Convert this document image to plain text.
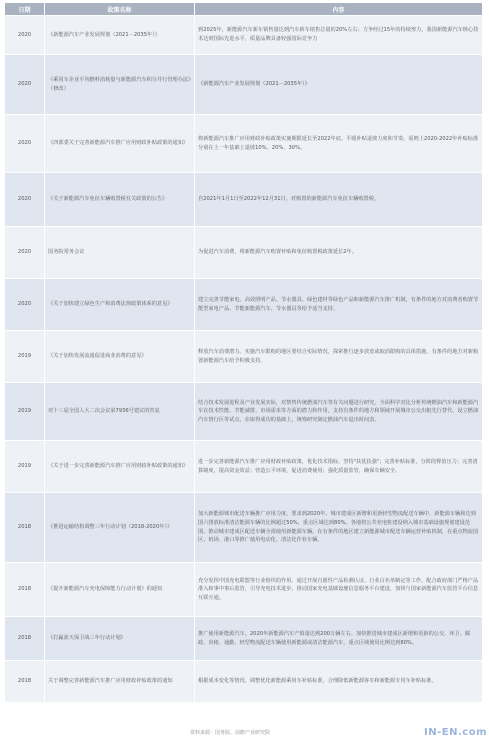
日期	政策名称	内容
2020	《新能源汽车产业发展规划（2021－2035年）》	到2025年，新能源汽车新车销售量达到汽车新车销售总量的20%左右；力争经过15年的持续努力，我国新能源汽车核心技术达到国际先进水平，质量品牌具备较强国际竞争力
2020	《乘用车企业平均燃料消耗量与新能源汽车积分并行管理办法》（修改）	《新能源汽车产业发展规划（2021－2035年）》
2020	《四部委关于完善新能源汽车推广应用财政补贴政策的通知》	将新能源汽车推广应用财政补贴政策实施期限延长至2022年底。平缓补贴退坡力度和节奏，原则上2020-2022年补贴标准分别在上一年基础上退坡10%、20%、30%。
2020	《关于新能源汽车免征车辆购置税有关政策的公告》	自2021年1月1日至2022年12月31日，对购置的新能源汽车免征车辆购置税。
2020	国务院常务会议	为促进汽车消费，将新能源汽车购置补贴和免征购置税政策延长2年。
2020	《关于加快建立绿色生产和消费法规政策体系的意见》	建立完善节能家电、高效照明产品、节水器具、绿色建材等绿色产品和新能源汽车推广机制，有条件的地方对消费者购置节能型家电产品、节能新能源汽车、节水器具等给予适当支持。
2019	《关于加快发展流通促进商业消费的意见》	释放汽车消费潜力。实施汽车限购的地区要结合实际情况，探索推行逐步放宽或取消限购的具体措施。有条件的地方对新购置新能源汽车给予积极支持。
2019	对十三届全国人大二次会议第7936号建议的答复	结合技术发展进程及产业发展实际，对禁售传统燃油汽车等有关问题进行研究，全面科学对比分析传统燃油汽车和新能源汽车在技术性能、节能减排、市场需求等方面的潜力和作用，支持有条件的地方和领域开展城市公交出租先行替代、设立燃油汽车禁行区等试点，在取得成功的基础上，统筹研究制定燃油汽车退出时间表。
2019	《关于进一步完善新能源汽车推广应用财政补贴政策的通知》	进一步完善新能源汽车推广应用财政补贴政策，优化技术指标，坚持"扶优扶强"；完善补贴标准，分阶段释放压力；完善清算制度，提高资金效益；营造公平环境，促进消费使用；强化质量监管，确保车辆安全。
2018	《推进运输结构调整三年行动计划（2018-2020年）》	加大新能源城市配送车辆推广应用力度，要求到2020年，城市建成区新增和更新轻型物流配送车辆中，新能源车辆和达到国六排放标准清洁能源车辆的比例超过50%，重点区域达到80%。各地将公共充电桩建设纳入城市基础设施规划建设范围，推动城市建成区配送车辆全部使用新能源车辆。在有条件的地区建立新能源城市配送车辆运营补贴机制，在重点物流园区、机场、港口等推广使用电动化、清洁化作业车辆。
2018	《提升新能源汽车充电保障能力行动计划》的通知	充分发挥中国充电联盟等行业组织的作用，通过开展自愿性产品检测认证、行业白名单制定等工作，配合政府部门严格产品准入和事中事后监管，引导充电技术进步，推动国家充电基础设施信息服务平台建设，加快与国家新能源汽车监管平台信息互联互通。
2018	《打赢蓝天保卫战三年行动计划》	推广使用新能源汽车。2020年新能源汽车产销量达到200万辆左右。加快推进城市建成区新增和更新的公交、环卫、邮政、出租、通勤、轻型物流配送车辆使用新能源或清洁能源汽车，重点区域使用比例达到80%。
2018	关于调整完善新能源汽车推广应用财政补贴政策的通知	根据成本变化等情况，调整优化新能源乘用车补贴标准，合理降低新能源客车和新能源专用车补贴标准。
资料来源：国务院、前瞻产业研究院	IN-EN.com
